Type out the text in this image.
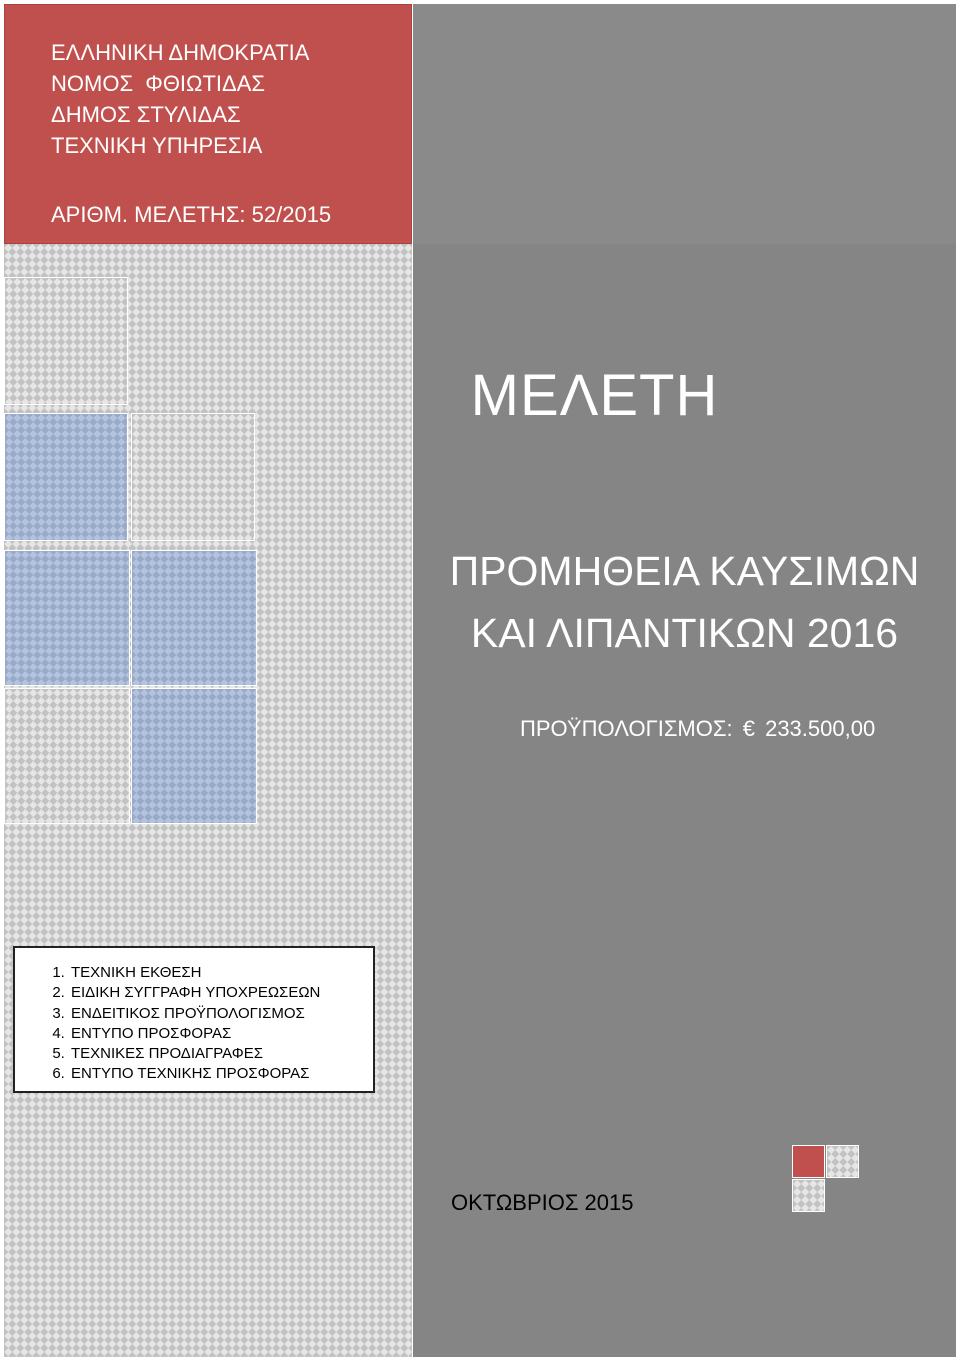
ΕΛΛΗΝΙΚΗ ΔΗΜΟΚΡΑΤΙΑ
ΝΟΜΟΣ  ΦΘΙΩΤΙΔΑΣ
ΔΗΜΟΣ ΣΤΥΛΙΔΑΣ
ΤΕΧΝΙΚΗ ΥΠΗΡΕΣΙΑ
ΑΡΙΘΜ. ΜΕΛΕΤΗΣ: 52/2015
ΜΕΛΕΤΗ
ΠΡΟΜΗΘΕΙΑ ΚΑΥΣΙΜΩΝ
ΚΑΙ ΛΙΠΑΝΤΙΚΩΝ 2016
ΠΡΟΫΠΟΛΟΓΙΣΜΟΣ: € 233.500,00
1. ΤΕΧΝΙΚΗ ΕΚΘΕΣΗ
2. ΕΙΔΙΚΗ ΣΥΓΓΡΑΦΗ ΥΠΟΧΡΕΩΣΕΩΝ
3. ΕΝΔΕΙΤΙΚΟΣ ΠΡΟΫΠΟΛΟΓΙΣΜΟΣ
4. ΕΝΤΥΠΟ ΠΡΟΣΦΟΡΑΣ
5. ΤΕΧΝΙΚΕΣ ΠΡΟΔΙΑΓΡΑΦΕΣ
6. ΕΝΤΥΠΟ ΤΕΧΝΙΚΗΣ ΠΡΟΣΦΟΡΑΣ
ΟΚΤΩΒΡΙΟΣ 2015
